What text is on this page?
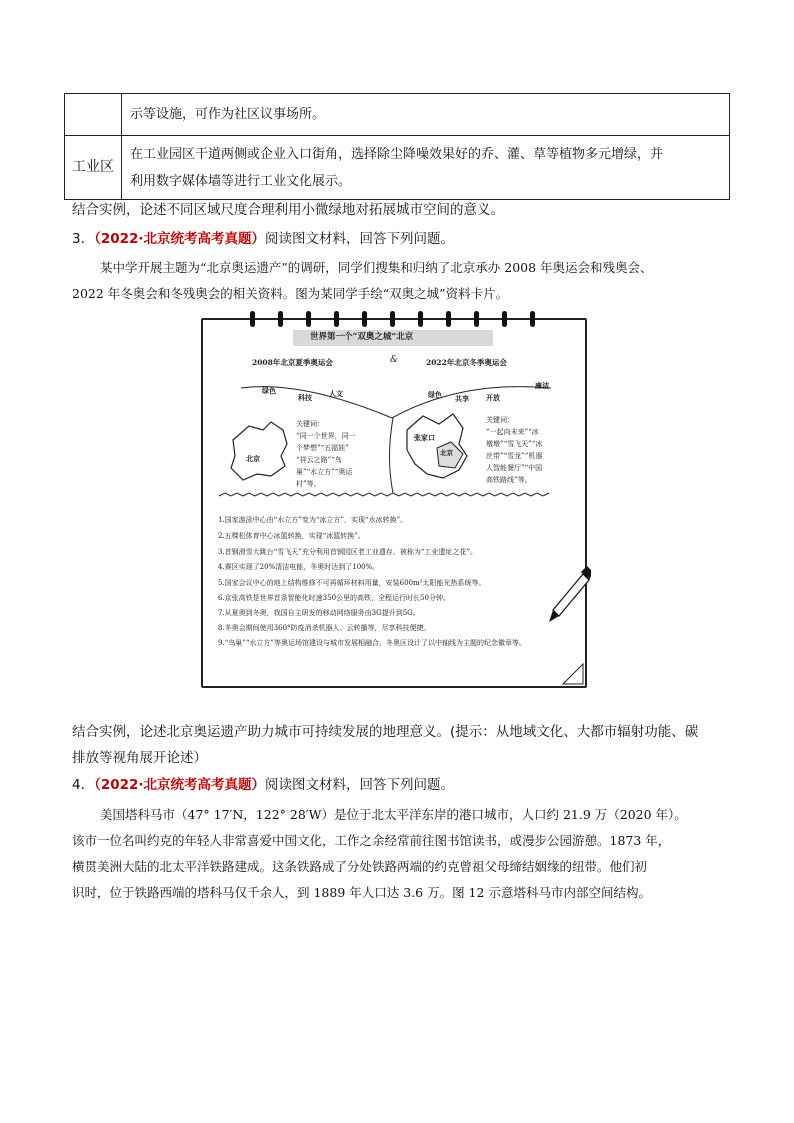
	示等设施，可作为社区议事场所。
工业区	在工业园区干道两侧或企业入口街角，选择除尘降噪效果好的乔、灌、草等植物多元增绿，并
利用数字媒体墙等进行工业文化展示。
结合实例，论述不同区域尺度合理利用小微绿地对拓展城市空间的意义。
3．（2022·北京统考高考真题）阅读图文材料，回答下列问题。
某中学开展主题为“北京奥运遗产”的调研，同学们搜集和归纳了北京承办 2008 年奥运会和残奥会、
2022 年冬奥会和冬残奥会的相关资料。图为某同学手绘“双奥之城”资料卡片。
世界第一个“双奥之城”北京
2008年北京夏季奥运会	&	2022年北京冬季奥运会
绿色
科技 人文	绿色 共享 开放
廉洁
北京
张家口
北京
关键词：
“同一个世界，同一
个梦想”“五福娃”
“祥云之路”“鸟
巢”“水立方”“奥运
村”等。
关键词：
“一起向未来”“冰
墩墩”“雪飞天”“冰
丝带”“雪龙”“机器
人智能餐厅”“中国
高铁路线”等。
1.国家游泳中心由“水立方”变为“冰立方”，实现“水冰转换”。
2.五棵松体育中心冰篮转换，实现“冰篮转换”。
3.首钢滑雪大跳台“雪飞天”充分利用首钢园区老工业遗存，被称为“工业遗址之花”。
4.赛区实现了20%清洁电能，冬奥时达到了100%。
5.国家会议中心的地上结构维修不可再循环材料用量，安装600m²太阳能光热系统等。
6.京张高铁是世界首条智能化时速350公里的高铁，全程运行时长50分钟。
7.从夏奥到冬奥，我国自主研发的移动网络服务由3G提升到5G。
8.冬奥会期间使用360°防疫消杀机器人、云转播等，尽享科技便捷。
9.“鸟巢”“水立方”等奥运场馆建设与城市发展相融合，冬奥区设计了以中轴线为主题的纪念徽章等。
结合实例，论述北京奥运遗产助力城市可持续发展的地理意义。(提示：从地域文化、大都市辐射功能、碳
排放等视角展开论述）
4．（2022·北京统考高考真题）阅读图文材料，回答下列问题。
美国塔科马市（47° 17′N，122° 28′W）是位于北太平洋东岸的港口城市，人口约 21.9 万（2020 年）。
该市一位名叫约克的年轻人非常喜爱中国文化，工作之余经常前往图书馆读书，或漫步公园游憩。1873 年，
横贯美洲大陆的北太平洋铁路建成。这条铁路成了分处铁路两端的约克曾祖父母缔结姻缘的纽带。他们初
识时，位于铁路西端的塔科马仅千余人，到 1889 年人口达 3.6 万。图 12 示意塔科马市内部空间结构。
